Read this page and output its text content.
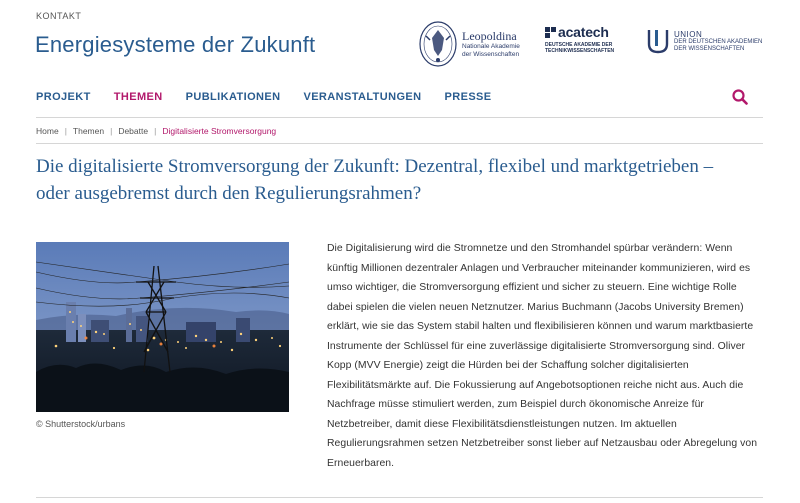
KONTAKT
Energiesysteme der Zukunft	Leopoldina
Nationale Akademie
der Wissenschaften
acatech
DEUTSCHE AKADEMIE DER
TECHNIKWISSENSCHAFTEN
UNION
DER DEUTSCHEN AKADEMIEN
DER WISSENSCHAFTEN
PROJEKT THEMEN PUBLIKATIONEN VERANSTALTUNGEN PRESSE
Home | Themen | Debatte | Digitalisierte Stromversorgung
Die digitalisierte Stromversorgung der Zukunft: Dezentral, flexibel und marktgetrieben – oder ausgebremst durch den Regulierungsrahmen?
© Shutterstock/urbans

Die Digitalisierung wird die Stromnetze und den Stromhandel spürbar verändern: Wenn künftig Millionen dezentraler Anlagen und Verbraucher miteinander kommunizieren, wird es umso wichtiger, die Stromversorgung effizient und sicher zu steuern. Eine wichtige Rolle dabei spielen die vielen neuen Netznutzer. Marius Buchmann (Jacobs University Bremen) erklärt, wie sie das System stabil halten und flexibilisieren können und warum marktbasierte Instrumente der Schlüssel für eine zuverlässige digitalisierte Stromversorgung sind. Oliver Kopp (MVV Energie) zeigt die Hürden bei der Schaffung solcher digitalisierten Flexibilitätsmärkte auf. Die Fokussierung auf Angebotsoptionen reiche nicht aus. Auch die Nachfrage müsse stimuliert werden, zum Beispiel durch ökonomische Anreize für Netzbetreiber, damit diese Flexibilitätsdienstleistungen nutzen. Im aktuellen Regulierungsrahmen setzen Netzbetreiber sonst lieber auf Netzausbau oder Abregelung von Erneuerbaren.
